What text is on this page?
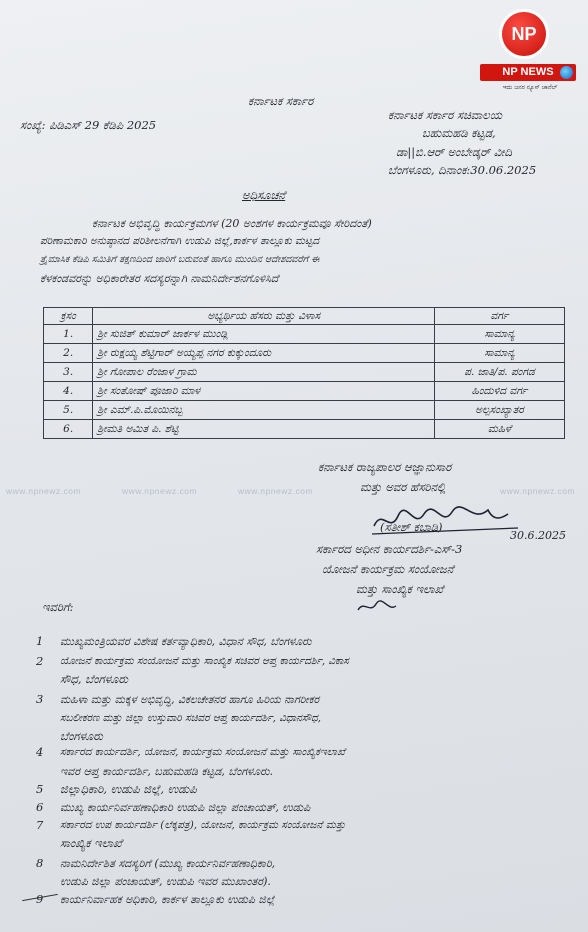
NP
NP NEWS
ಇದು ಜನರ ನ್ಯೂಸ್ ಚಾನೆಲ್
ಕರ್ನಾಟಕ ಸರ್ಕಾರ
ಸಂಖ್ಯೆ: ಪಿಡಿಎಸ್ 29 ಕೆಡಿಪಿ 2025
ಕರ್ನಾಟಕ ಸರ್ಕಾರ ಸಚಿವಾಲಯ
ಬಹುಮಹಡಿ ಕಟ್ಟಡ,
ಡಾ||ಬಿ.ಆರ್ ಅಂಬೇಡ್ಕರ್ ವೀದಿ
ಬೆಂಗಳೂರು, ದಿನಾಂಕ:30.06.2025
ಅಧಿಸೂಚನೆ
ಕರ್ನಾಟಕ ಅಭಿವೃದ್ಧಿ ಕಾರ್ಯಕ್ರಮಗಳ (20 ಅಂಶಗಳ ಕಾರ್ಯಕ್ರಮವೂ ಸೇರಿದಂತೆ)
ಪರಿಣಾಮಕಾರಿ ಅನುಷ್ಠಾನದ ಪರಿಶೀಲನೆಗಾಗಿ ಉಡುಪಿ ಜಿಲ್ಲೆ,ಕಾರ್ಕಳ ತಾಲ್ಲೂಕು ಮಟ್ಟದ
ತ್ರೈಮಾಸಿಕ ಕೆಡಿಪಿ ಸಮಿತಿಗೆ ತಕ್ಷಣದಿಂದ ಜಾರಿಗೆ ಬರುವಂತೆ ಹಾಗೂ ಮುಂದಿನ ಆದೇಶದವರೆಗೆ ಈ
ಕೆಳಕಂಡವರನ್ನು ಅಧಿಕಾರೇತರ ಸದಸ್ಯರನ್ನಾಗಿ ನಾಮನಿರ್ದೇಶನಗೊಳಿಸಿದೆ
ಕ್ರಸಂ	ಅಭ್ಯರ್ಥಿಯ ಹೆಸರು ಮತ್ತು ವಿಳಾಸ	ವರ್ಗ
1.	ಶ್ರೀ ಸುಜಿತ್ ಕುಮಾರ್ ಜಾರ್ಕಳ ಮುಂಡ್ಲಿ	ಸಾಮಾನ್ಯ
2.	ಶ್ರೀ ರುಕ್ಷಯ್ಯ ಶೆಟ್ಟಿಗಾರ್ ಅಯ್ಯಪ್ಪ ನಗರ ಕುಕ್ಕುಂದೂರು	ಸಾಮಾನ್ಯ
3.	ಶ್ರೀ ಗೋಪಾಲ ರೆಂಜಾಳ ಗ್ರಾಮ	ಪ. ಜಾತಿ/ಪ. ಪಂಗಡ
4.	ಶ್ರೀ ಸಂತೋಷ್ ಪೂಜಾರಿ ಮಾಳ	ಹಿಂದುಳಿದ ವರ್ಗ
5.	ಶ್ರೀ ಎಮ್.ಪಿ.ಮೊಯಿನಬ್ಬ	ಅಲ್ಪಸಂಖ್ಯಾತರ
6.	ಶ್ರೀಮತಿ ಅಮಿತ ಪಿ. ಶೆಟ್ಟಿ	ಮಹಿಳೆ
ಕರ್ನಾಟಕ ರಾಜ್ಯಪಾಲರ ಆಜ್ಞಾನುಸಾರ
ಮತ್ತು ಅವರ ಹೆಸರಿನಲ್ಲಿ
www.npnewz.com	www.npnewz.com	www.npnewz.com	www.npnewz.com
(ಸತೀಶ್ ಕಬಾಡಿ)
30.6.2025
ಸರ್ಕಾರದ ಅಧೀನ ಕಾರ್ಯದರ್ಶಿ-ಎಸ್-3
ಯೋಜನೆ ಕಾರ್ಯಕ್ರಮ ಸಂಯೋಜನೆ
ಮತ್ತು ಸಾಂಖ್ಯಿಕ ಇಲಾಖೆ
ಇವರಿಗೆ:
1 ಮುಖ್ಯಮಂತ್ರಿಯವರ ವಿಶೇಷ ಕರ್ತವ್ಯಾಧಿಕಾರಿ, ವಿಧಾನ ಸೌಧ, ಬೆಂಗಳೂರು
2 ಯೋಜನೆ ಕಾರ್ಯಕ್ರಮ ಸಂಯೋಜನೆ ಮತ್ತು ಸಾಂಖ್ಯಿಕ ಸಚಿವರ ಆಪ್ತ ಕಾರ್ಯದರ್ಶಿ, ವಿಕಾಸ
ಸೌಧ, ಬೆಂಗಳೂರು
3 ಮಹಿಳಾ ಮತ್ತು ಮಕ್ಕಳ ಅಭಿವೃದ್ಧಿ, ವಿಕಲಚೇತನರ ಹಾಗೂ ಹಿರಿಯ ನಾಗರೀಕರ
ಸಬಲೀಕರಣ ಮತ್ತು ಜಿಲ್ಲಾ ಉಸ್ತುವಾರಿ ಸಚಿವರ ಆಪ್ತ ಕಾರ್ಯದರ್ಶಿ, ವಿಧಾನಸೌಧ,
ಬೆಂಗಳೂರು
4 ಸರ್ಕಾರದ ಕಾರ್ಯದರ್ಶಿ, ಯೋಜನೆ, ಕಾರ್ಯಕ್ರಮ ಸಂಯೋಜನೆ ಮತ್ತು ಸಾಂಖ್ಯಿಕಇಲಾಖೆ
ಇವರ ಆಪ್ತ ಕಾರ್ಯದರ್ಶಿ, ಬಹುಮಹಡಿ ಕಟ್ಟಡ, ಬೆಂಗಳೂರು.
5 ಜಿಲ್ಲಾಧಿಕಾರಿ, ಉಡುಪಿ ಜಿಲ್ಲೆ, ಉಡುಪಿ
6 ಮುಖ್ಯ ಕಾರ್ಯನಿರ್ವಹಣಾಧಿಕಾರಿ ಉಡುಪಿ ಜಿಲ್ಲಾ ಪಂಚಾಯತ್, ಉಡುಪಿ
7 ಸರ್ಕಾರದ ಉಪ ಕಾರ್ಯದರ್ಶಿ (ಲೆಕ್ಕಪತ್ರ), ಯೋಜನೆ, ಕಾರ್ಯಕ್ರಮ ಸಂಯೋಜನೆ ಮತ್ತು
ಸಾಂಖ್ಯಿಕ ಇಲಾಖೆ
8 ನಾಮನಿರ್ದೇಶಿತ ಸದಸ್ಯರಿಗೆ (ಮುಖ್ಯ ಕಾರ್ಯನಿರ್ವಹಣಾಧಿಕಾರಿ,
ಉಡುಪಿ ಜಿಲ್ಲಾ ಪಂಚಾಯತ್, ಉಡುಪಿ ಇವರ ಮುಖಾಂತರ).
9 ಕಾರ್ಯನಿರ್ವಾಹಕ ಅಧಿಕಾರಿ, ಕಾರ್ಕಳ ತಾಲ್ಲೂಕು ಉಡುಪಿ ಜಿಲ್ಲೆ
